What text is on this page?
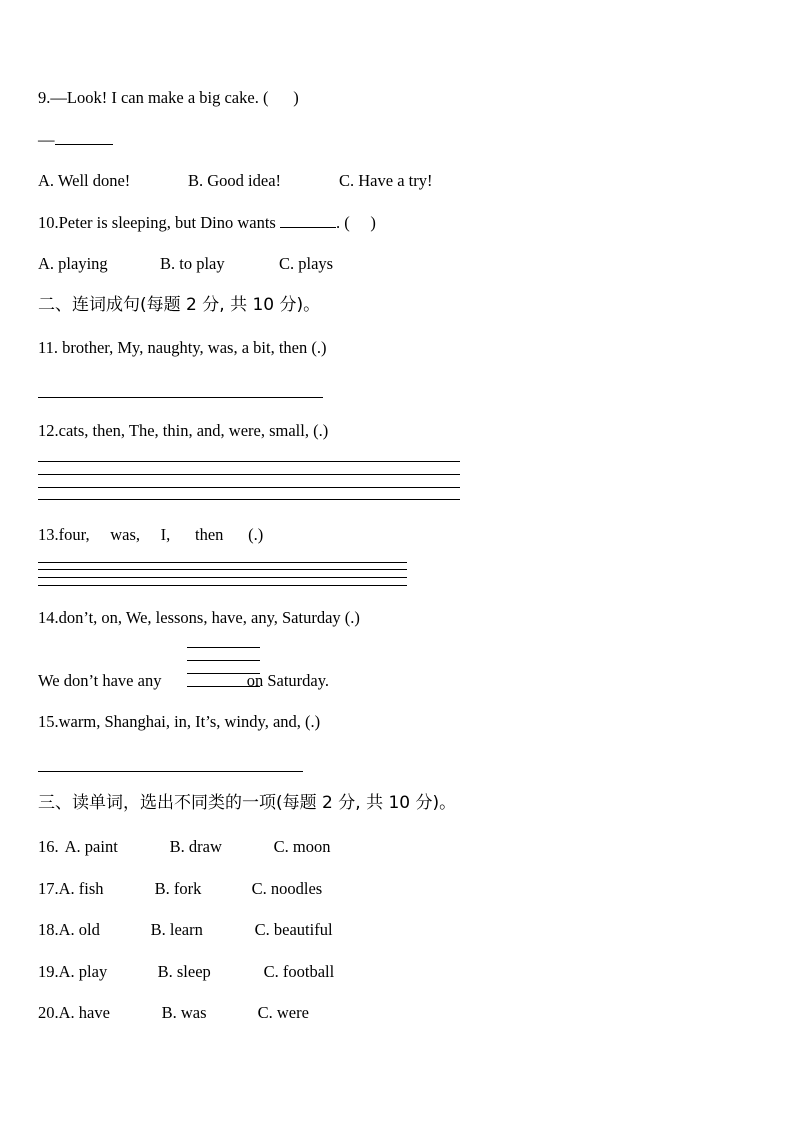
9.—Look! I can make a big cake. (      )
—
A. Well done!	B. Good idea!	C. Have a try!
10.Peter is sleeping, but Dino wants	. (     )
A. playing	B. to play	C. plays
二、连词成句(每题 2 分, 共 10 分)。
11. brother, My, naughty, was, a bit, then (.)
12.cats, then, The, thin, and, were, small, (.)
13.four,     was,     I,      then      (.)
14.don’t, on, We, lessons, have, any, Saturday (.)
We don’t have any	on Saturday.
15.warm, Shanghai, in, It’s, windy, and, (.)
三、读单词，选出不同类的一项(每题 2 分, 共 10 分)。
16. A. paint	B. draw	C. moon
17.A. fish	B. fork	C. noodles
18.A. old	B. learn	C. beautiful
19.A. play	B. sleep	C. football
20.A. have	B. was	C. were
